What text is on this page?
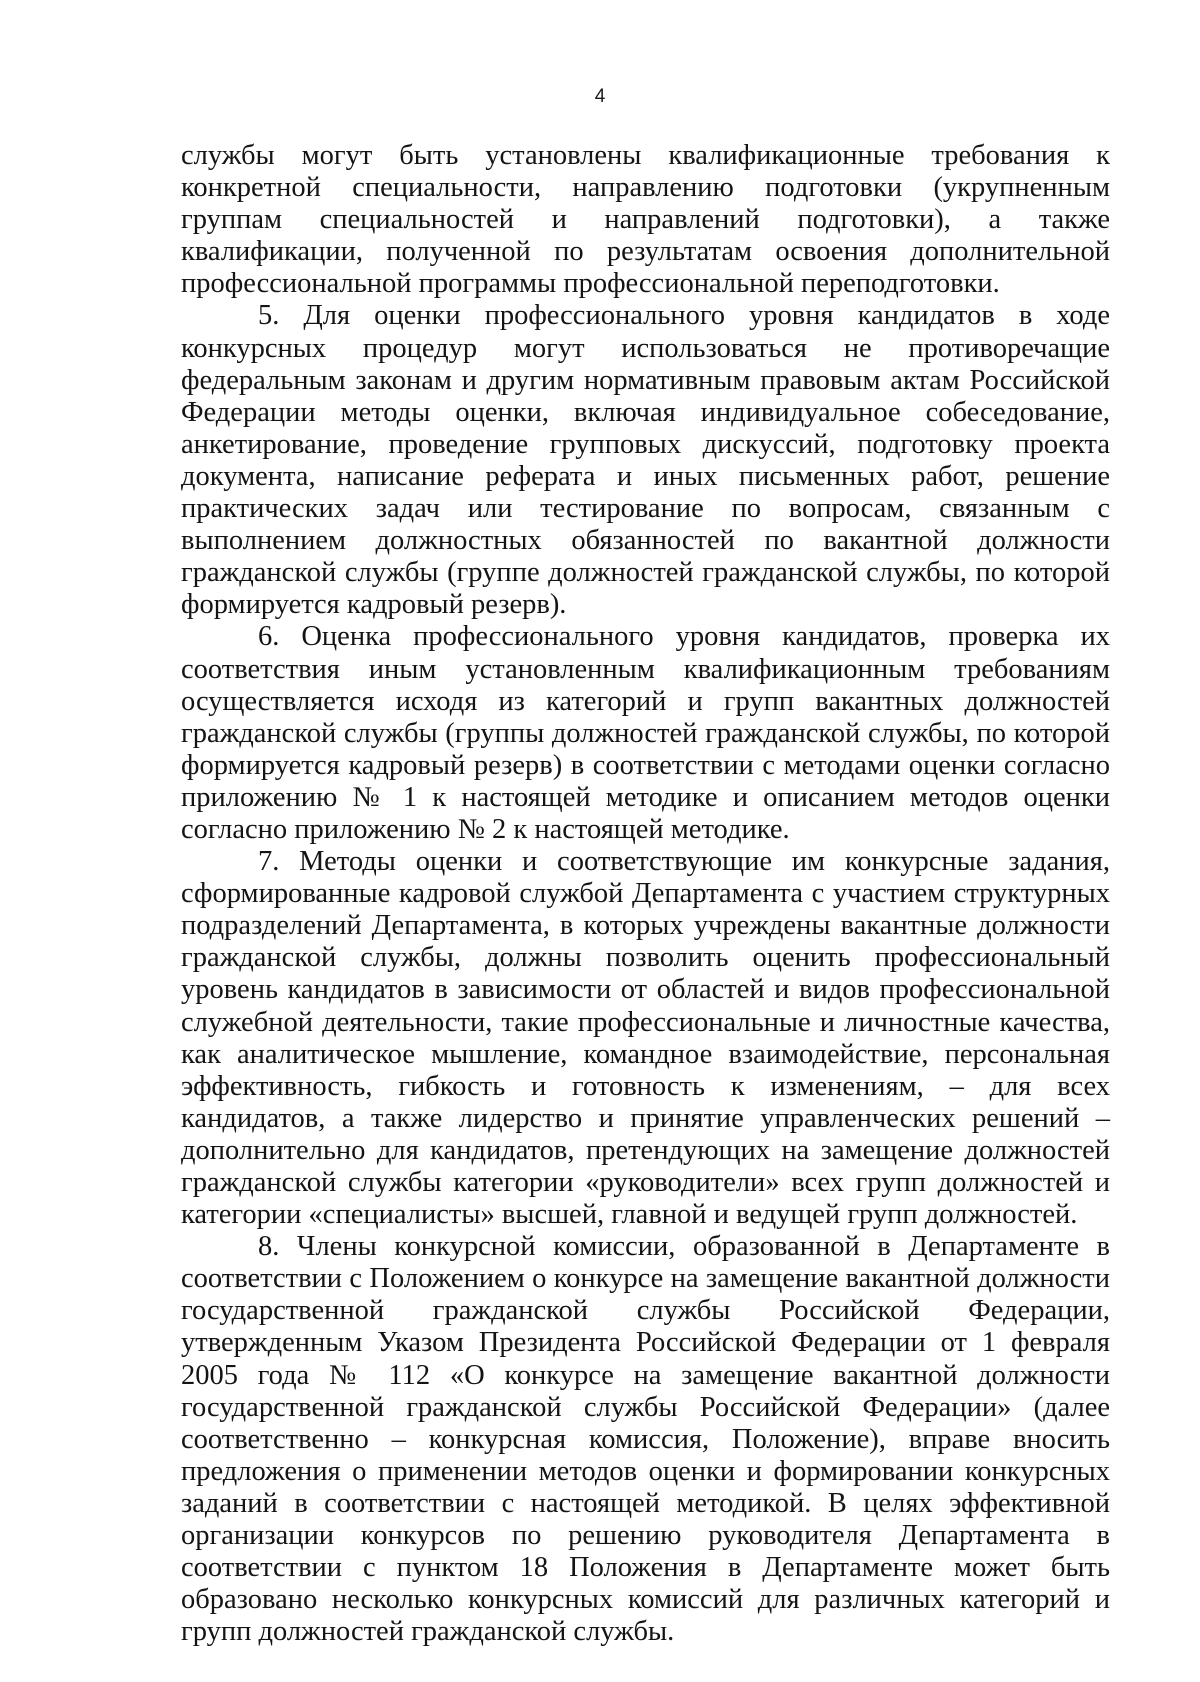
4

службы могут быть установлены квалификационные требования к конкретной специальности, направлению подготовки (укрупненным группам специальностей и направлений подготовки), а также квалификации, полученной по результатам освоения дополнительной профессиональной программы профессиональной переподготовки.

5. Для оценки профессионального уровня кандидатов в ходе конкурсных процедур могут использоваться не противоречащие федеральным законам и другим нормативным правовым актам Российской Федерации методы оценки, включая индивидуальное собеседование, анкетирование, проведение групповых дискуссий, подготовку проекта документа, написание реферата и иных письменных работ, решение практических задач или тестирование по вопросам, связанным с выполнением должностных обязанностей по вакантной должности гражданской службы (группе должностей гражданской службы, по которой формируется кадровый резерв).

6. Оценка профессионального уровня кандидатов, проверка их соответствия иным установленным квалификационным требованиям осуществляется исходя из категорий и групп вакантных должностей гражданской службы (группы должностей гражданской службы, по которой формируется кадровый резерв) в соответствии с методами оценки согласно приложению № 1 к настоящей методике и описанием методов оценки согласно приложению № 2 к настоящей методике.

7. Методы оценки и соответствующие им конкурсные задания, сформированные кадровой службой Департамента с участием структурных подразделений Департамента, в которых учреждены вакантные должности гражданской службы, должны позволить оценить профессиональный уровень кандидатов в зависимости от областей и видов профессиональной служебной деятельности, такие профессиональные и личностные качества, как аналитическое мышление, командное взаимодействие, персональная эффективность, гибкость и готовность к изменениям, – для всех кандидатов, а также лидерство и принятие управленческих решений – дополнительно для кандидатов, претендующих на замещение должностей гражданской службы категории «руководители» всех групп должностей и категории «специалисты» высшей, главной и ведущей групп должностей.

8. Члены конкурсной комиссии, образованной в Департаменте в соответствии с Положением о конкурсе на замещение вакантной должности государственной гражданской службы Российской Федерации, утвержденным Указом Президента Российской Федерации от 1 февраля 2005 года № 112 «О конкурсе на замещение вакантной должности государственной гражданской службы Российской Федерации» (далее соответственно – конкурсная комиссия, Положение), вправе вносить предложения о применении методов оценки и формировании конкурсных заданий в соответствии с настоящей методикой. В целях эффективной организации конкурсов по решению руководителя Департамента в соответствии с пунктом 18 Положения в Департаменте может быть образовано несколько конкурсных комиссий для различных категорий и групп должностей гражданской службы.
